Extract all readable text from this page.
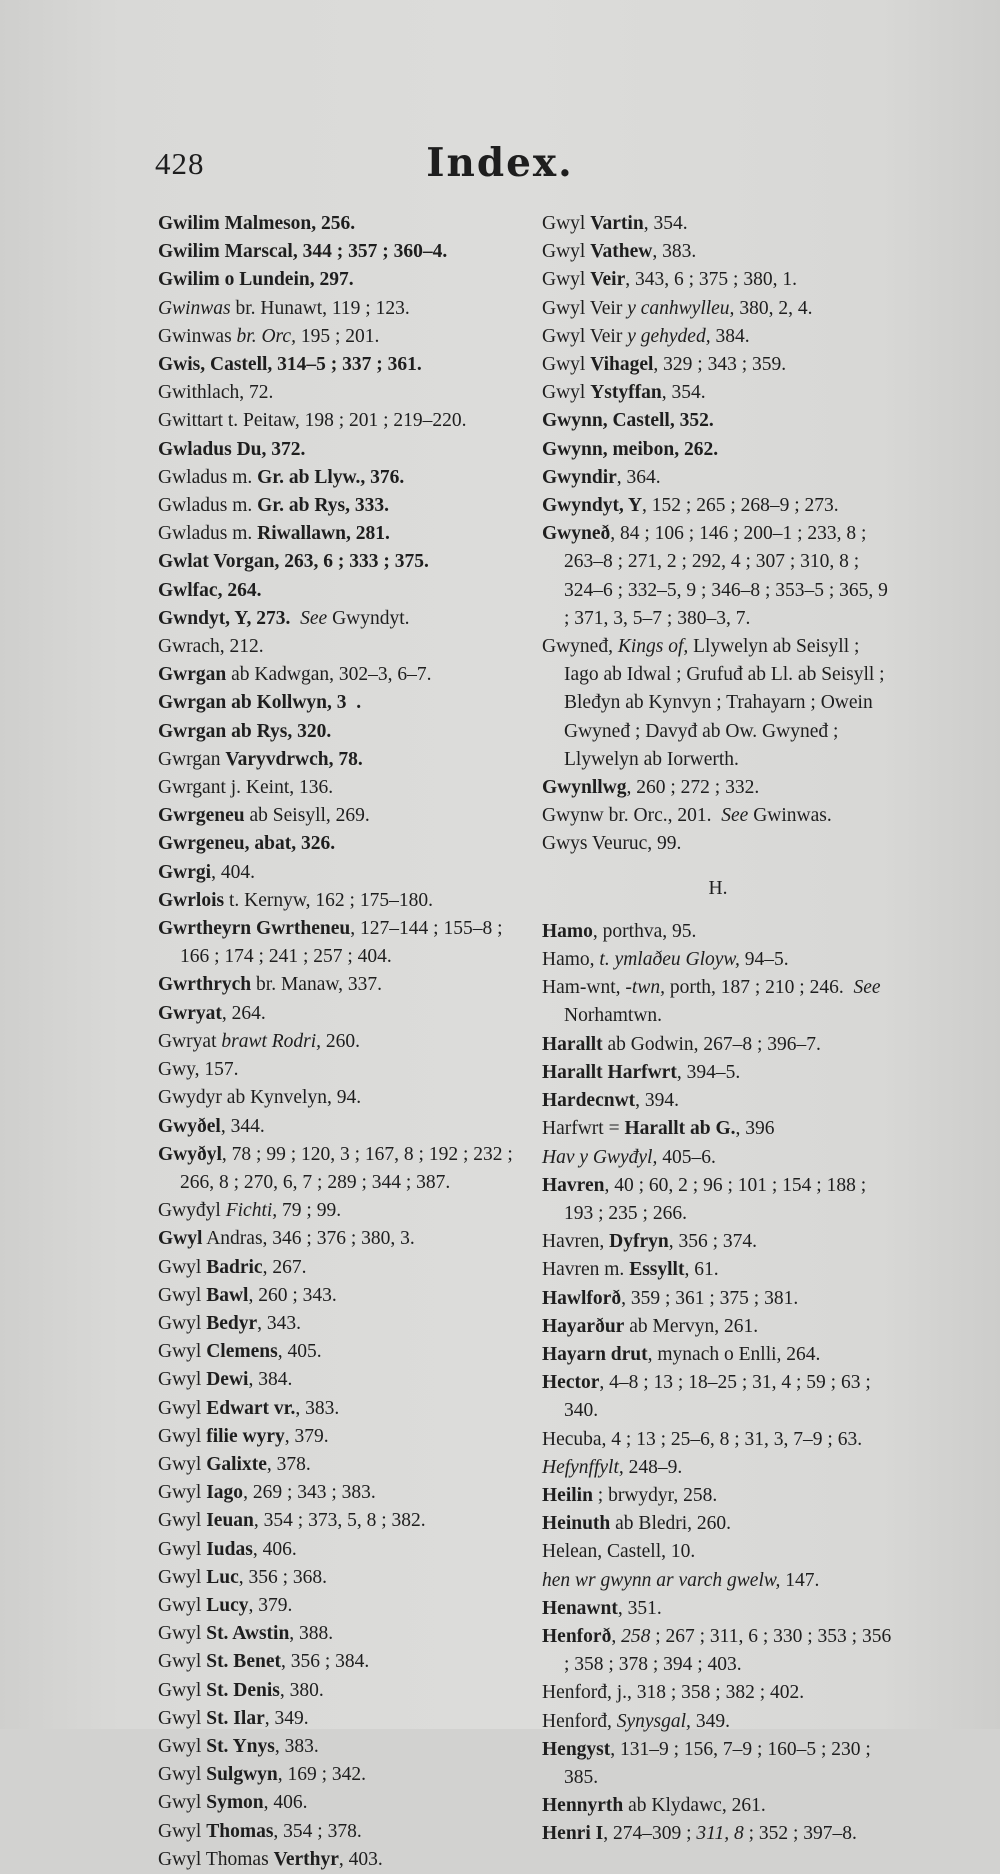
428	Index.
Gwilim Malmeson, 256.
Gwilim Marscal, 344 ; 357 ; 360–4.
Gwilim o Lundein, 297.
Gwinwas br. Hunawt, 119 ; 123.
Gwinwas br. Orc, 195 ; 201.
Gwis, Castell, 314–5 ; 337 ; 361.
Gwithlach, 72.
Gwittart t. Peitaw, 198 ; 201 ; 219–220.
Gwladus Du, 372.
Gwladus m. Gr. ab Llyw., 376.
Gwladus m. Gr. ab Rys, 333.
Gwladus m. Riwallawn, 281.
Gwlat Vorgan, 263, 6 ; 333 ; 375.
Gwlfac, 264.
Gwndyt, Y, 273. See Gwyndyt.
Gwrach, 212.
Gwrgan ab Kadwgan, 302–3, 6–7.
Gwrgan ab Kollwyn, 3  .
Gwrgan ab Rys, 320.
Gwrgan Varyvdrwch, 78.
Gwrgant j. Keint, 136.
Gwrgeneu ab Seisyll, 269.
Gwrgeneu, abat, 326.
Gwrgi, 404.
Gwrlois t. Kernyw, 162 ; 175–180.
Gwrtheyrn Gwrtheneu, 127–144 ; 155–8 ; 166 ; 174 ; 241 ; 257 ; 404.
Gwrthrych br. Manaw, 337.
Gwryat, 264.
Gwryat brawt Rodri, 260.
Gwy, 157.
Gwydyr ab Kynvelyn, 94.
Gwyðel, 344.
Gwyðyl, 78 ; 99 ; 120, 3 ; 167, 8 ; 192 ; 232 ; 266, 8 ; 270, 6, 7 ; 289 ; 344 ; 387.
Gwyđyl Fichti, 79 ; 99.
Gwyl Andras, 346 ; 376 ; 380, 3.
Gwyl Badric, 267.
Gwyl Bawl, 260 ; 343.
Gwyl Bedyr, 343.
Gwyl Clemens, 405.
Gwyl Dewi, 384.
Gwyl Edwart vr., 383.
Gwyl filie wyry, 379.
Gwyl Galixte, 378.
Gwyl Iago, 269 ; 343 ; 383.
Gwyl Ieuan, 354 ; 373, 5, 8 ; 382.
Gwyl Iudas, 406.
Gwyl Luc, 356 ; 368.
Gwyl Lucy, 379.
Gwyl St. Awstin, 388.
Gwyl St. Benet, 356 ; 384.
Gwyl St. Denis, 380.
Gwyl St. Ilar, 349.
Gwyl St. Ynys, 383.
Gwyl Sulgwyn, 169 ; 342.
Gwyl Symon, 406.
Gwyl Thomas, 354 ; 378.
Gwyl Thomas Verthyr, 403.
Gwyl Vartin, 354.
Gwyl Vathew, 383.
Gwyl Veir, 343, 6 ; 375 ; 380, 1.
Gwyl Veir y canhwylleu, 380, 2, 4.
Gwyl Veir y gehyded, 384.
Gwyl Vihagel, 329 ; 343 ; 359.
Gwyl Ystyffan, 354.
Gwynn, Castell, 352.
Gwynn, meibon, 262.
Gwyndir, 364.
Gwyndyt, Y, 152 ; 265 ; 268–9 ; 273.
Gwyneð, 84 ; 106 ; 146 ; 200–1 ; 233, 8 ; 263–8 ; 271, 2 ; 292, 4 ; 307 ; 310, 8 ; 324–6 ; 332–5, 9 ; 346–8 ; 353–5 ; 365, 9 ; 371, 3, 5–7 ; 380–3, 7.
Gwyneđ, Kings of, Llywelyn ab Seisyll ; Iago ab Idwal ; Grufuđ ab Ll. ab Seisyll ; Bleđyn ab Kynvyn ; Trahayarn ; Owein Gwyneđ ; Davyđ ab Ow. Gwyneđ ; Llywelyn ab Iorwerth.
Gwynllwg, 260 ; 272 ; 332.
Gwynw br. Orc., 201.  See Gwinwas.
Gwys Veuruc, 99.
H.
Hamo, porthva, 95.
Hamo, t. ymlaðeu Gloyw, 94–5.
Ham-wnt, -twn, porth, 187 ; 210 ; 246.  See Norhamtwn.
Harallt ab Godwin, 267–8 ; 396–7.
Harallt Harfwrt, 394–5.
Hardecnwt, 394.
Harfwrt = Harallt ab G., 396
Hav y Gwyđyl, 405–6.
Havren, 40 ; 60, 2 ; 96 ; 101 ; 154 ; 188 ; 193 ; 235 ; 266.
Havren, Dyfryn, 356 ; 374.
Havren m. Essyllt, 61.
Hawlforð, 359 ; 361 ; 375 ; 381.
Hayarður ab Mervyn, 261.
Hayarn drut, mynach o Enlli, 264.
Hector, 4–8 ; 13 ; 18–25 ; 31, 4 ; 59 ; 63 ; 340.
Hecuba, 4 ; 13 ; 25–6, 8 ; 31, 3, 7–9 ; 63.
Hefynffylt, 248–9.
Heilin ; brwydyr, 258.
Heinuth ab Bledri, 260.
Helean, Castell, 10.
hen wr gwynn ar varch gwelw, 147.
Henawnt, 351.
Henforð, 258 ; 267 ; 311, 6 ; 330 ; 353 ; 356 ; 358 ; 378 ; 394 ; 403.
Henforđ, j., 318 ; 358 ; 382 ; 402.
Henforđ, Synysgal, 349.
Hengyst, 131–9 ; 156, 7–9 ; 160–5 ; 230 ; 385.
Hennyrth ab Klydawc, 261.
Henri I, 274–309 ; 311, 8 ; 352 ; 397–8.
